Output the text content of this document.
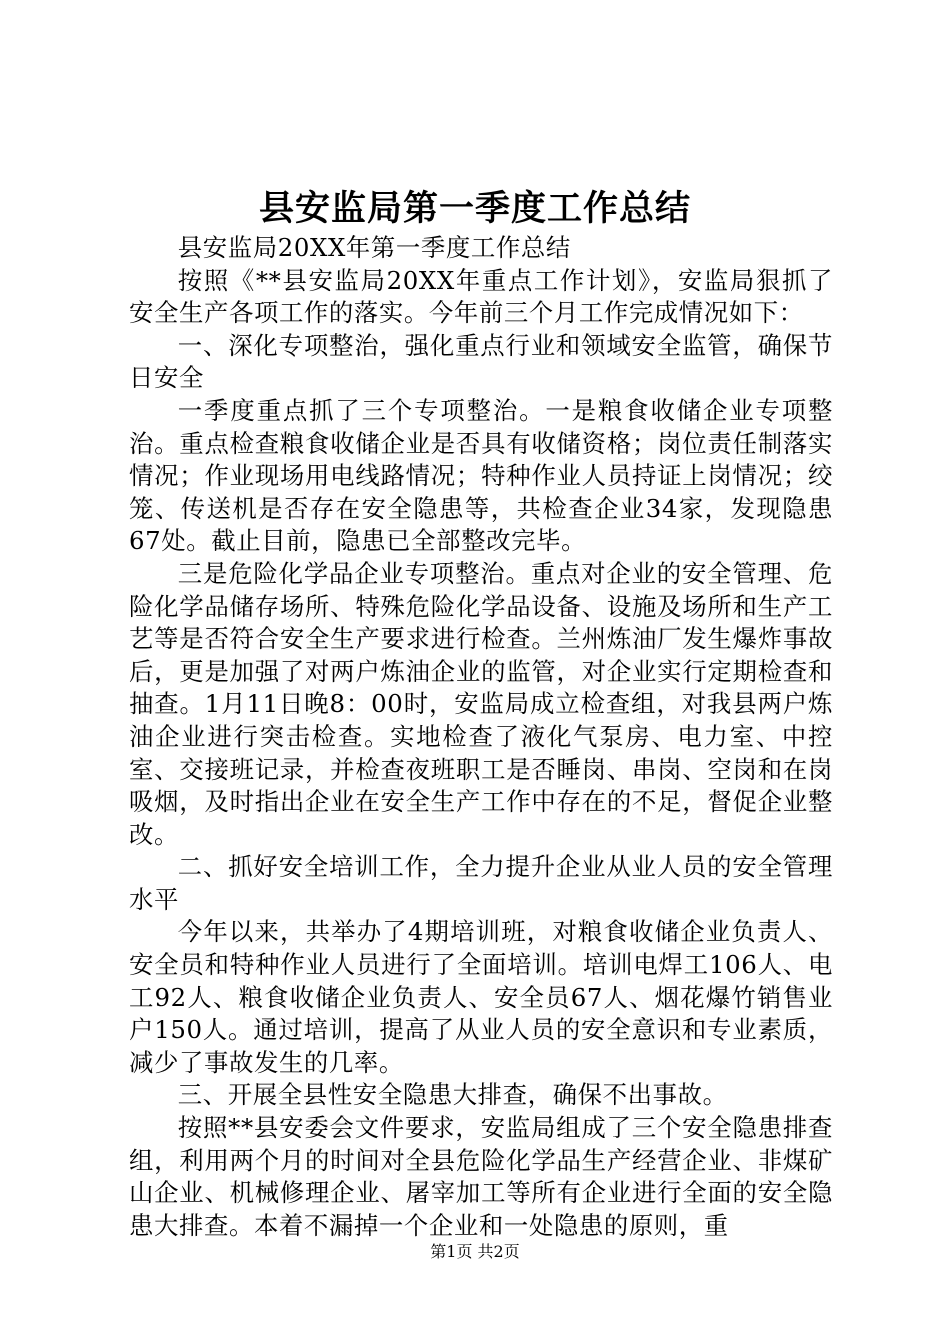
县安监局第一季度工作总结

县安监局20XX年第一季度工作总结

按照《**县安监局20XX年重点工作计划》，安监局狠抓了安全生产各项工作的落实。今年前三个月工作完成情况如下：

一、深化专项整治，强化重点行业和领域安全监管，确保节日安全

一季度重点抓了三个专项整治。一是粮食收储企业专项整治。重点检查粮食收储企业是否具有收储资格；岗位责任制落实情况；作业现场用电线路情况；特种作业人员持证上岗情况；绞笼、传送机是否存在安全隐患等，共检查企业34家，发现隐患67处。截止目前，隐患已全部整改完毕。

三是危险化学品企业专项整治。重点对企业的安全管理、危险化学品储存场所、特殊危险化学品设备、设施及场所和生产工艺等是否符合安全生产要求进行检查。兰州炼油厂发生爆炸事故后，更是加强了对两户炼油企业的监管，对企业实行定期检查和抽查。1月11日晚8：00时，安监局成立检查组，对我县两户炼油企业进行突击检查。实地检查了液化气泵房、电力室、中控室、交接班记录，并检查夜班职工是否睡岗、串岗、空岗和在岗吸烟，及时指出企业在安全生产工作中存在的不足，督促企业整改。

二、抓好安全培训工作，全力提升企业从业人员的安全管理水平

今年以来，共举办了4期培训班，对粮食收储企业负责人、安全员和特种作业人员进行了全面培训。培训电焊工106人、电工92人、粮食收储企业负责人、安全员67人、烟花爆竹销售业户150人。通过培训，提高了从业人员的安全意识和专业素质，减少了事故发生的几率。

三、开展全县性安全隐患大排查，确保不出事故。

按照**县安委会文件要求，安监局组成了三个安全隐患排查组，利用两个月的时间对全县危险化学品生产经营企业、非煤矿山企业、机械修理企业、屠宰加工等所有企业进行全面的安全隐患大排查。本着不漏掉一个企业和一处隐患的原则，重

第1页 共2页
